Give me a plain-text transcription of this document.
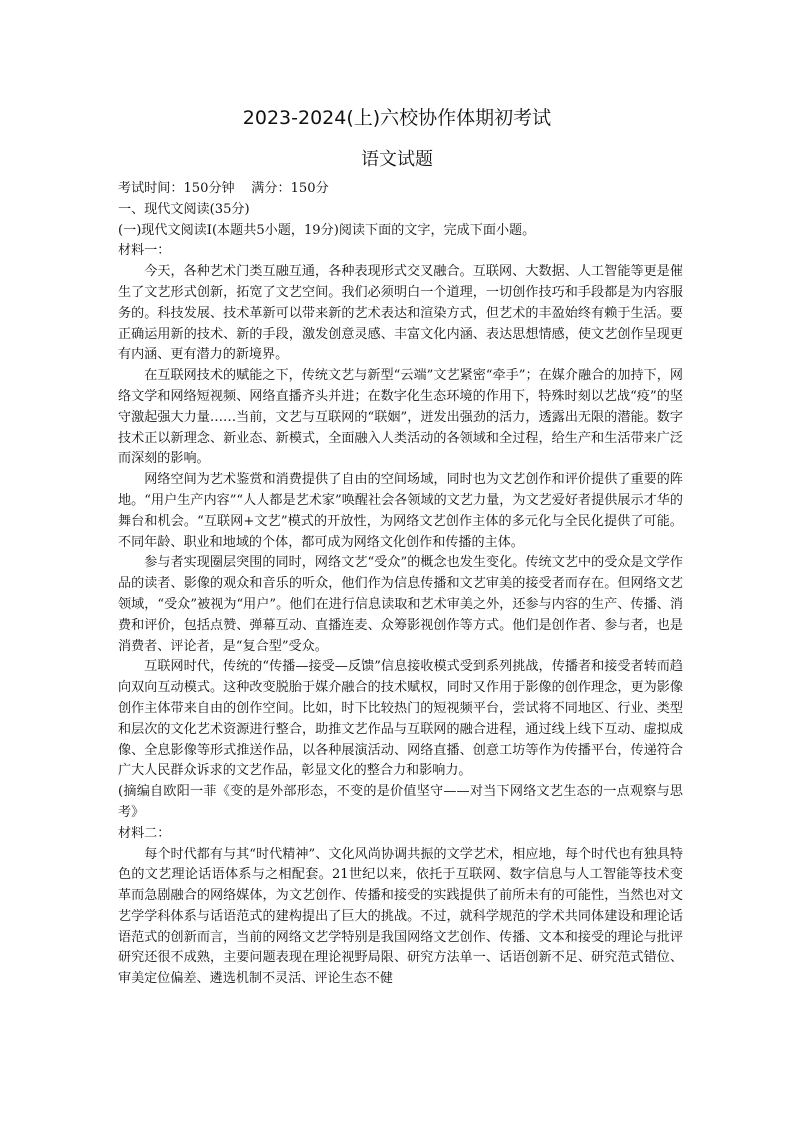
2023-2024(上)六校协作体期初考试
语文试题

考试时间：150分钟    满分：150分

一、现代文阅读(35分)

(一)现代文阅读I(本题共5小题，19分)阅读下面的文字，完成下面小题。

材料一：

今天，各种艺术门类互融互通，各种表现形式交叉融合。互联网、大数据、人工智能等更是催生了文艺形式创新，拓宽了文艺空间。我们必须明白一个道理，一切创作技巧和手段都是为内容服务的。科技发展、技术革新可以带来新的艺术表达和渲染方式，但艺术的丰盈始终有赖于生活。要正确运用新的技术、新的手段，激发创意灵感、丰富文化内涵、表达思想情感，使文艺创作呈现更有内涵、更有潜力的新境界。

在互联网技术的赋能之下，传统文艺与新型“云端”文艺紧密“牵手”；在媒介融合的加持下，网络文学和网络短视频、网络直播齐头并进；在数字化生态环境的作用下，特殊时刻以艺战“疫”的坚守激起强大力量……当前，文艺与互联网的“联姻”，迸发出强劲的活力，透露出无限的潜能。数字技术正以新理念、新业态、新模式，全面融入人类活动的各领域和全过程，给生产和生活带来广泛而深刻的影响。

网络空间为艺术鉴赏和消费提供了自由的空间场域，同时也为文艺创作和评价提供了重要的阵地。“用户生产内容”“人人都是艺术家”唤醒社会各领域的文艺力量，为文艺爱好者提供展示才华的舞台和机会。“互联网+文艺”模式的开放性，为网络文艺创作主体的多元化与全民化提供了可能。不同年龄、职业和地域的个体，都可成为网络文化创作和传播的主体。

参与者实现圈层突围的同时，网络文艺“受众”的概念也发生变化。传统文艺中的受众是文学作品的读者、影像的观众和音乐的听众，他们作为信息传播和文艺审美的接受者而存在。但网络文艺领域，“受众”被视为“用户”。他们在进行信息读取和艺术审美之外，还参与内容的生产、传播、消费和评价，包括点赞、弹幕互动、直播连麦、众筹影视创作等方式。他们是创作者、参与者，也是消费者、评论者，是“复合型”受众。

互联网时代，传统的“传播—接受—反馈”信息接收模式受到系列挑战，传播者和接受者转而趋向双向互动模式。这种改变脱胎于媒介融合的技术赋权，同时又作用于影像的创作理念，更为影像创作主体带来自由的创作空间。比如，时下比较热门的短视频平台，尝试将不同地区、行业、类型和层次的文化艺术资源进行整合，助推文艺作品与互联网的融合进程，通过线上线下互动、虚拟成像、全息影像等形式推送作品，以各种展演活动、网络直播、创意工坊等作为传播平台，传递符合广大人民群众诉求的文艺作品，彰显文化的整合力和影响力。

(摘编自欧阳一菲《变的是外部形态，不变的是价值坚守——对当下网络文艺生态的一点观察与思考》

材料二：

每个时代都有与其“时代精神”、文化风尚协调共振的文学艺术，相应地，每个时代也有独具特色的文艺理论话语体系与之相配套。21世纪以来，依托于互联网、数字信息与人工智能等技术变革而急剧融合的网络媒体，为文艺创作、传播和接受的实践提供了前所未有的可能性，当然也对文艺学学科体系与话语范式的建构提出了巨大的挑战。不过，就科学规范的学术共同体建设和理论话语范式的创新而言，当前的网络文艺学特别是我国网络文艺创作、传播、文本和接受的理论与批评研究还很不成熟，主要问题表现在理论视野局限、研究方法单一、话语创新不足、研究范式错位、审美定位偏差、遴选机制不灵活、评论生态不健
